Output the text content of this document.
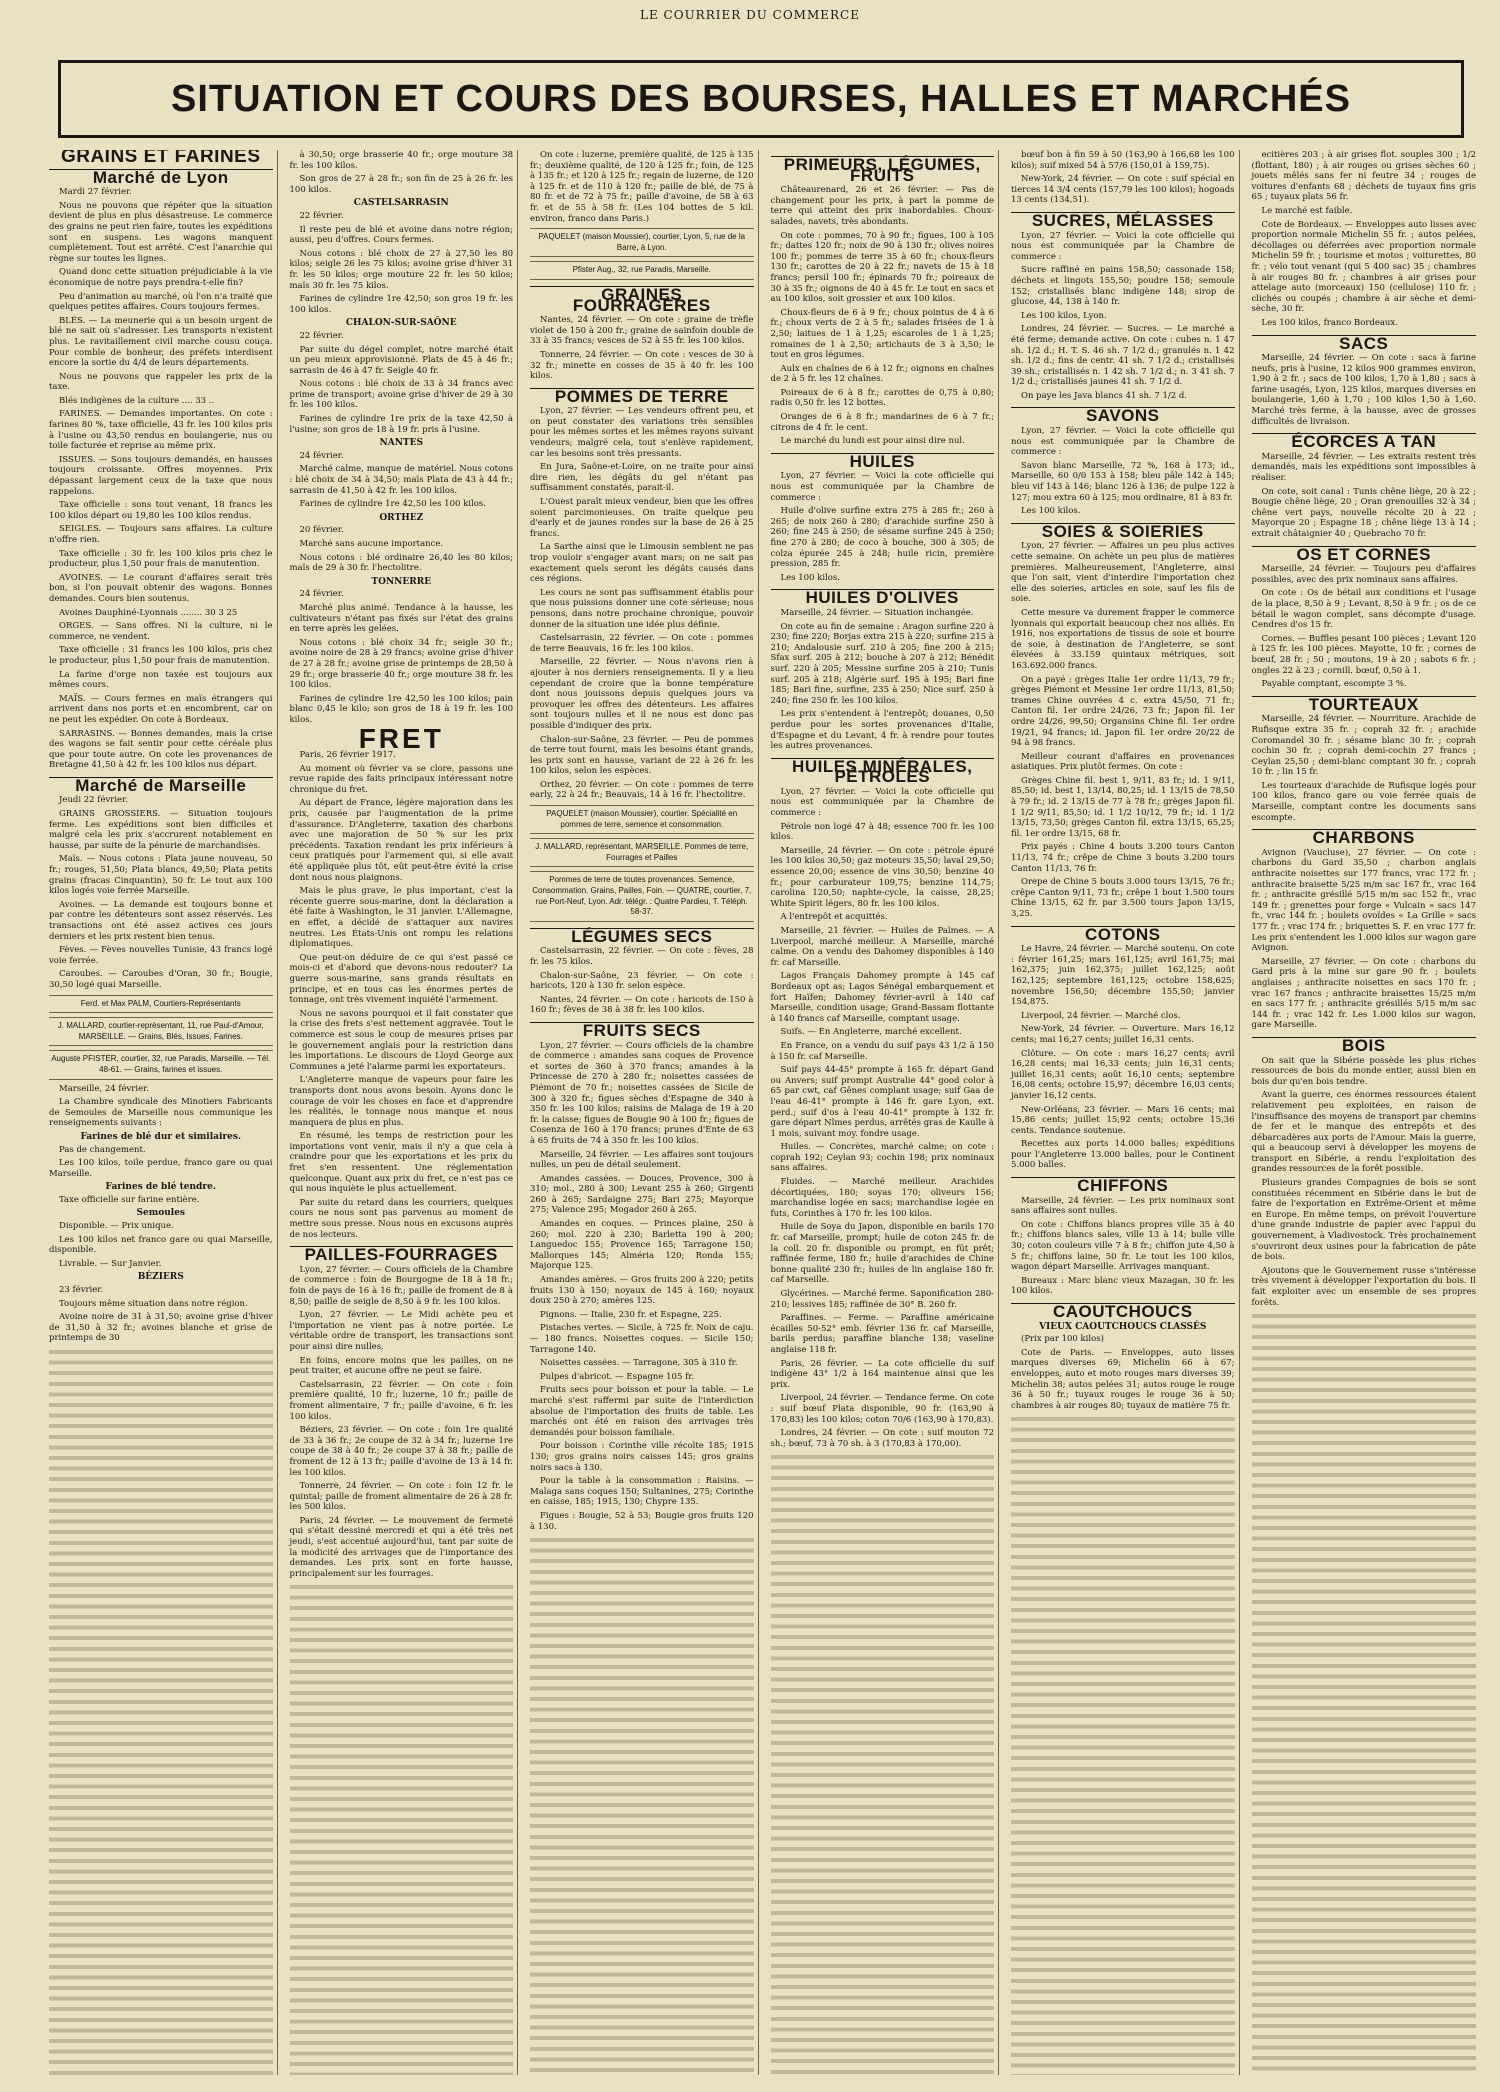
LE COURRIER DU COMMERCE
SITUATION ET COURS DES BOURSES, HALLES ET MARCHÉS
GRAINS ET FARINES
Marché de Lyon

Mardi 27 février.

Nous ne pouvons que répéter que la situation devient de plus en plus désastreuse. Le commerce des grains ne peut rien faire, toutes les expéditions sont en suspens. Les wagons manquent complètement. Tout est arrêté. C'est l'anarchie qui règne sur toutes les lignes.

Quand donc cette situation préjudiciable à la vie économique de notre pays prendra-t-elle fin?

Peu d'animation au marché, où l'on n'a traité que quelques petites affaires. Cours toujours fermes.

BLÉS. — La meunerie qui a un besoin urgent de blé ne sait où s'adresser. Les transports n'existent plus. Le ravitaillement civil marche cousu couça. Pour comble de bonheur, des préfets interdisent encore la sortie du 4/4 de leurs départements.

Nous ne pouvons que rappeler les prix de la taxe.

Blés indigènes de la culture .... 33 ..

FARINES. — Demandes importantes. On cote : farines 80 %, taxe officielle, 43 fr. les 100 kilos pris à l'usine ou 43,50 rendus en boulangerie, nus ou toile facturée et reprise au même prix.

ISSUES. — Sons toujours demandés, en hausses toujours croissante. Offres moyennes. Prix dépassant largement ceux de la taxe que nous rappelons.

Taxe officielle : sons tout venant, 18 francs les 100 kilos départ ou 19,80 les 100 kilos rendus.

SEIGLES. — Toujours sans affaires. La culture n'offre rien.

Taxe officielle : 30 fr. les 100 kilos pris chez le producteur, plus 1,50 pour frais de manutention.

AVOINES. — Le courant d'affaires serait très bon, si l'on pouvait obtenir des wagons. Bonnes demandes. Cours bien soutenus.

Avoines Dauphiné-Lyonnais ........ 30 3 25

ORGES. — Sans offres. Ni la culture, ni le commerce, ne vendent.

Taxe officielle : 31 francs les 100 kilos, pris chez le producteur, plus 1,50 pour frais de manutention.

La farine d'orge non taxée est toujours aux mêmes cours.

MAÏS. — Cours fermes en maïs étrangers qui arrivent dans nos ports et en encombrent, car on ne peut les expédier. On cote à Bordeaux.

SARRASINS. — Bonnes demandes, mais la crise des wagons se fait sentir pour cette céréale plus que pour toute autre. On cote les provenances de Bretagne 41,50 à 42 fr. les 100 kilos nus départ.

Marché de Marseille

Jeudi 22 février.

GRAINS GROSSIERS. — Situation toujours ferme. Les expéditions sont bien difficiles et malgré cela les prix s'accrurent notablement en hausse, par suite de la pénurie de marchandises.

Maïs. — Nous cotons : Plata jaune nouveau, 50 fr.; rouges, 51,50; Plata blancs, 49,50; Plata petits grains (fracas Cinquantin), 50 fr. Le tout aux 100 kilos logés voie ferrée Marseille.

Avoines. — La demande est toujours bonne et par contre les détenteurs sont assez réservés. Les transactions ont été assez actives ces jours derniers et les prix restent bien tenus.

Fèves. — Fèves nouvelles Tunisie, 43 francs logé voie ferrée.

Caroubes. — Caroubes d'Oran, 30 fr.; Bougie, 30,50 logé quai Marseille.

Ferd. et Max PALM, Courtiers-Représentants
J. MALLARD, courtier-représentant, 11, rue Paul-d'Amour, MARSEILLE. — Grains, Blés, Issues, Farines.
Auguste PFISTER, courtier, 32, rue Paradis, Marseille. — Tél. 48-61. — Grains, farines et issues.

Marseille, 24 février.

La Chambre syndicale des Minotiers Fabricants de Semoules de Marseille nous communique les renseignements suivants :

Farines de blé dur et similaires.

Pas de changement.

Les 100 kilos, toile perdue, franco gare ou quai Marseille.

Farines de blé tendre.

Taxe officielle sur farine entière.

Semoules

Disponible. — Prix unique.

Les 100 kilos net franco gare ou quai Marseille, disponible.

Livrable. — Sur Janvier.

BÉZIERS

23 février.

Toujours même situation dans notre région.

Avoine noire de 31 à 31,50; avoine grise d'hiver de 31,50 à 32 fr.; avoines blanche et grise de printemps de 30

à 30,50; orge brasserie 40 fr.; orge mouture 38 fr. les 100 kilos.

Son gros de 27 à 28 fr.; son fin de 25 à 26 fr. les 100 kilos.

CASTELSARRASIN

22 février.

Il reste peu de blé et avoine dans notre région; aussi, peu d'offres. Cours fermes.

Nous cotons : blé choix de 27 à 27,50 les 80 kilos; seigle 26 les 75 kilos; avoine grise d'hiver 31 fr. les 50 kilos; orge mouture 22 fr. les 50 kilos; maïs 30 fr. les 75 kilos.

Farines de cylindre 1re 42,50; son gros 19 fr. les 100 kilos.

CHALON-SUR-SAÔNE

22 février.

Par suite du dégel complet, notre marché était un peu mieux approvisionné. Plats de 45 à 46 fr.; sarrasin de 46 à 47 fr. Seigle 40 fr.

Nous cotons : blé choix de 33 à 34 francs avec prime de transport; avoine grise d'hiver de 29 à 30 fr. les 100 kilos.

Farines de cylindre 1re prix de la taxe 42,50 à l'usine; son gros de 18 à 19 fr. pris à l'usine.

NANTES

24 février.

Marché calme, manque de matériel. Nous cotons : blé choix de 34 à 34,50; maïs Plata de 43 à 44 fr.; sarrasin de 41,50 à 42 fr. les 100 kilos.

Farines de cylindre 1re 42,50 les 100 kilos.

ORTHEZ

20 février.

Marché sans aucune importance.

Nous cotons : blé ordinaire 26,40 les 80 kilos; maïs de 29 à 30 fr. l'hectolitre.

TONNERRE

24 février.

Marché plus animé. Tendance à la hausse, les cultivateurs n'étant pas fixés sur l'état des grains en terre après les gelées.

Nous cotons : blé choix 34 fr.; seigle 30 fr.; avoine noire de 28 à 29 francs; avoine grise d'hiver de 27 à 28 fr.; avoine grise de printemps de 28,50 à 29 fr.; orge brasserie 40 fr.; orge mouture 38 fr. les 100 kilos.

Farines de cylindre 1re 42,50 les 100 kilos; pain blanc 0,45 le kilo; son gros de 18 à 19 fr. les 100 kilos.

FRET

Paris, 26 février 1917.

Au moment où février va se clore, passons une revue rapide des faits principaux intéressant notre chronique du fret.

Au départ de France, légère majoration dans les prix, causée par l'augmentation de la prime d'assurance. D'Angleterre, taxation des charbons avec une majoration de 50 % sur les prix précédents. Taxation rendant les prix inférieurs à ceux pratiqués pour l'armement qui, si elle avait été appliquée plus tôt, eût peut-être évité la crise dont nous nous plaignons.

Mais le plus grave, le plus important, c'est la récente guerre sous-marine, dont la déclaration a été faite à Washington, le 31 janvier. L'Allemagne, en effet, a décidé de s'attaquer aux navires neutres. Les États-Unis ont rompu les relations diplomatiques.

Que peut-on déduire de ce qui s'est passé ce mois-ci et d'abord que devons-nous redouter? La guerre sous-marine, sans grands résultats en principe, et en tous cas les énormes pertes de tonnage, ont très vivement inquiété l'armement.

Nous ne savons pourquoi et il fait constater que la crise des frets s'est nettement aggravée. Tout le commerce est sous le coup de mesures prises par le gouvernement anglais pour la restriction dans les importations. Le discours de Lloyd George aux Communes a jeté l'alarme parmi les exportateurs.

L'Angleterre manque de vapeurs pour faire les transports dont nous avons besoin. Ayons donc le courage de voir les choses en face et d'apprendre les réalités, le tonnage nous manque et nous manquera de plus en plus.

En résumé, les temps de restriction pour les importations vont venir, mais il n'y a que cela à craindre pour que les exportations et les prix du fret s'en ressentent. Une réglementation quelconque. Quant aux prix du fret, ce n'est pas ce qui nous inquiète le plus actuellement.

Par suite du retard dans les courriers, quelques cours ne nous sont pas parvenus au moment de mettre sous presse. Nous nous en excusons auprès de nos lecteurs.

PAILLES-FOURRAGES

Lyon, 27 février. — Cours officiels de la Chambre de commerce : foin de Bourgogne de 18 à 18 fr.; foin de pays de 16 à 16 fr.; paille de froment de 8 à 8,50; paille de seigle de 8,50 à 9 fr. les 100 kilos.

Lyon, 27 février. — Le Midi achète peu et l'importation ne vient pas à notre portée. Le véritable ordre de transport, les transactions sont pour ainsi dire nulles.

En foins, encore moins que les pailles, on ne peut traiter, et aucune offre ne peut se faire.

Castelsarrasin, 22 février. — On cote : foin première qualité, 10 fr.; luzerne, 10 fr.; paille de froment alimentaire, 7 fr.; paille d'avoine, 6 fr. les 100 kilos.

Béziers, 23 février. — On cote : foin 1re qualité de 33 à 36 fr.; 2e coupe de 32 à 34 fr.; luzerne 1re coupe de 38 à 40 fr.; 2e coupe 37 à 38 fr.; paille de froment de 12 à 13 fr.; paille d'avoine de 13 à 14 fr. les 100 kilos.

Tonnerre, 24 février. — On cote : foin 12 fr. le quintal; paille de froment alimentaire de 26 à 28 fr. les 500 kilos.

Paris, 24 février. — Le mouvement de fermeté qui s'était dessiné mercredi et qui a été très net jeudi, s'est accentué aujourd'hui, tant par suite de la modicité des arrivages que de l'importance des demandes. Les prix sont en forte hausse, principalement sur les fourrages.

On cote : luzerne, première qualité, de 125 à 135 fr.; deuxième qualité, de 120 à 125 fr.; foin, de 125 à 135 fr.; et 120 à 125 fr.; regain de luzerne, de 120 à 125 fr. et de 110 à 120 fr.; paille de blé, de 75 à 80 fr. et de 72 à 75 fr.; paille d'avoine, de 58 à 63 fr. et de 55 à 58 fr. (Les 104 bottes de 5 kil. environ, franco dans Paris.)

PAQUELET (maison Moussier), courtier, Lyon, 5, rue de la Barre, à Lyon.
Pfister Aug., 32, rue Paradis, Marseille.
GRAINES FOURRAGÈRES

Nantes, 24 février. — On cote : graine de trèfle violet de 150 à 200 fr.; graine de sainfoin double de 33 à 35 francs; vesces de 52 à 55 fr. les 100 kilos.

Tonnerre, 24 février. — On cote : vesces de 30 à 32 fr.; minette en cosses de 35 à 40 fr. les 100 kilos.

POMMES DE TERRE

Lyon, 27 février. — Les vendeurs offrent peu, et on peut constater des variations très sensibles pour les mêmes sortes et les mêmes rayons suivant vendeurs; malgré cela, tout s'enlève rapidement, car les besoins sont très pressants.

En Jura, Saône-et-Loire, on ne traite pour ainsi dire rien, les dégâts du gel n'étant pas suffisamment constatés, parait-il.

L'Ouest paraît mieux vendeur, bien que les offres soient parcimonieuses. On traite quelque peu d'early et de jaunes rondes sur la base de 26 à 25 francs.

La Sarthe ainsi que le Limousin semblent ne pas trop vouloir s'engager avant mars; on ne sait pas exactement quels seront les dégâts causés dans ces régions.

Les cours ne sont pas suffisamment établis pour que nous puissions donner une cote sérieuse; nous pensons, dans notre prochaine chronique, pouvoir donner de la situation une idée plus définie.

Castelsarrasin, 22 février. — On cote : pommes de terre Beauvais, 16 fr. les 100 kilos.

Marseille, 22 février. — Nous n'avons rien à ajouter à nos derniers renseignements. Il y a lieu cependant de croire que la bonne température dont nous jouissons depuis quelques jours va provoquer les offres des détenteurs. Les affaires sont toujours nulles et il ne nous est donc pas possible d'indiquer des prix.

Chalon-sur-Saône, 23 février. — Peu de pommes de terre tout fourni, mais les besoins étant grands, les prix sont en hausse, variant de 22 à 26 fr. les 100 kilos, selon les espèces.

Orthez, 20 février. — On cote : pommes de terre early, 22 à 24 fr.; Beauvais, 14 à 16 fr. l'hectolitre.

PAQUELET (maison Moussier), courtier. Spécialité en pommes de terre, semence et consommation.
J. MALLARD, représentant, MARSEILLE. Pommes de terre, Fourrages et Pailles
Pommes de terre de toutes provenances. Semence, Consommation. Grains, Pailles, Foin. — QUATRE, courtier, 7, rue Port-Neuf, Lyon. Adr. télégr. : Quatre Pardieu, T. Téléph. 58-37.
LÉGUMES SECS

Castelsarrasin, 22 février. — On cote : fèves, 28 fr. les 75 kilos.

Chalon-sur-Saône, 23 février. — On cote : haricots, 120 à 130 fr. selon espèce.

Nantes, 24 février. — On cote : haricots de 150 à 160 fr.; fèves de 38 à 38 fr. les 100 kilos.

FRUITS SECS

Lyon, 27 février. — Cours officiels de la chambre de commerce : amandes sans coques de Provence et sortes de 360 à 370 francs; amandes à la Princesse de 270 à 280 fr.; noisettes cassées de Piémont de 70 fr.; noisettes cassées de Sicile de 300 à 320 fr.; figues sèches d'Espagne de 340 à 350 fr. les 100 kilos; raisins de Malaga de 19 à 20 fr. la caisse; figues de Bougie 90 à 100 fr.; figues de Cosenza de 160 à 170 francs; prunes d'Ente de 63 à 65 fruits de 74 à 350 fr. les 100 kilos.

Marseille, 24 février. — Les affaires sont toujours nulles, un peu de détail seulement.

Amandes cassées. — Douces, Provence, 300 à 310; mol., 280 à 300; Levant 255 à 260; Girgenti 260 à 265; Sardaigne 275; Bari 275; Mayorque 275; Valence 295; Mogador 260 à 265.

Amandes en coques. — Princes plaine, 250 à 260; mol. 220 à 230; Barletta 190 à 200; Languedoc 155; Provence 165; Tarragone 150; Mallorques 145; Alméria 120; Ronda 155; Majorque 125.

Amandes amères. — Gros fruits 200 à 220; petits fruits 130 à 150; noyaux de 145 à 160; noyaux doux 250 à 270; amères 125.

Pignons. — Italie, 230 fr. et Espagne, 225.

Pistaches vertes. — Sicile, à 725 fr. Noix de caju. — 180 francs. Noisettes coques. — Sicile 150; Tarragone 140.

Noisettes cassées. — Tarragone, 305 à 310 fr.

Pulpes d'abricot. — Espagne 105 fr.

Fruits secs pour boisson et pour la table. — Le marché s'est raffermi par suite de l'interdiction absolue de l'importation des fruits de table. Les marchés ont été en raison des arrivages très demandés pour boisson familiale.

Pour boisson : Corinthe ville récolte 185; 1915 130; gros grains noirs caisses 145; gros grains noirs sacs à 130.

Pour la table à la consommation : Raisins. — Malaga sans coques 150; Sultanines, 275; Corinthe en caisse, 185; 1915, 130; Chypre 135.

Figues : Bougie, 52 à 53; Bougie gros fruits 120 à 130.

PRIMEURS, LÉGUMES, FRUITS

Châteaurenard, 26 et 26 février. — Pas de changement pour les prix, à part la pomme de terre qui atteint des prix inabordables. Choux-salades, navets, très abondants.

On cote : pommes, 70 à 90 fr.; figues, 100 à 105 fr.; dattes 120 fr.; noix de 90 à 130 fr.; olives noires 100 fr.; pommes de terre 35 à 60 fr.; choux-fleurs 130 fr.; carottes de 20 à 22 fr.; navets de 15 à 18 francs; persil 100 fr.; épinards 70 fr.; poireaux de 30 à 35 fr.; oignons de 40 à 45 fr. Le tout en sacs et au 100 kilos, soit grossier et aux 100 kilos.

Choux-fleurs de 6 à 9 fr.; choux pointus de 4 à 6 fr.; choux verts de 2 à 5 fr.; salades frisées de 1 à 2,50; laitues de 1 à 1,25; escaroles de 1 à 1,25; romaines de 1 à 2,50; artichauts de 3 à 3,50; le tout en gros légumes.

Aulx en chaînes de 6 à 12 fr.; oignons en chaînes de 2 à 5 fr. les 12 chaînes.

Poireaux de 6 à 8 fr.; carottes de 0,75 à 0,80; radis 0,50 fr. les 12 bottes.

Oranges de 6 à 8 fr.; mandarines de 6 à 7 fr.; citrons de 4 fr. le cent.

Le marché du lundi est pour ainsi dire nul.

HUILES

Lyon, 27 février. — Voici la cote officielle qui nous est communiquée par la Chambre de commerce :

Huile d'olive surfine extra 275 à 285 fr.; 260 à 265; de noix 260 à 280; d'arachide surfine 250 à 260; fine 245 à 250; de sésame surfine 245 à 250; fine 270 à 280; de coco à bouche, 300 à 305; de colza épurée 245 à 248; huile ricin, première pression, 285 fr.

Les 100 kilos.

HUILES D'OLIVES

Marseille, 24 février. — Situation inchangée.

On cote au fin de semaine : Aragon surfine 220 à 230; fine 220; Borjas extra 215 à 220; surfine 215 à 210; Andalousie surf. 210 à 205; fine 200 à 215; Sfax surf. 205 à 212; bouche à 207 à 212; Bénédit surf. 220 à 205; Messine surfine 205 à 210; Tunis surf. 205 à 218; Algérie surf. 195 à 195; Bari fine 185; Bari fine, surfine, 235 à 250; Nice surf. 250 à 240; fine 250 fr. les 100 kilos.

Les prix s'entendent à l'entrepôt; douanes, 0,50 perdue pour les sortes provenances d'Italie, d'Espagne et du Levant, 4 fr. à rendre pour toutes les autres provenances.

HUILES MINÉRALES, PÉTROLES

Lyon, 27 février. — Voici la cote officielle qui nous est communiquée par la Chambre de commerce :

Pétrole non logé 47 à 48; essence 700 fr. les 100 kilos.

Marseille, 24 février. — On cote : pétrole épuré les 100 kilos 30,50; gaz moteurs 35,50; laval 29,50; essence 20,00; essence de vins 30,50; benzine 40 fr.; pour carburateur 109,75; benzine 114,75; carolina 120,50; naphte-cycle, la caisse, 28,25; White Spirit légers, 80 fr. les 100 kilos.

A l'entrepôt et acquittés.

Marseille, 21 février. — Huiles de Palmes. — A Liverpool, marché meilleur. A Marseille, marché calme. On a vendu des Dahomey disponibles à 140 fr. caf Marseille.

Lagos Français Dahomey prompte à 145 caf Bordeaux opt as; Lagos Sénégal embarquement et fort Haïfen; Dahomey février-avril à 140 caf Marseille, condition usage; Grand-Bassam flottante à 140 francs caf Marseille, comptant usage.

Suifs. — En Angleterre, marché excellent.

En France, on a vendu du suif pays 43 1/2 à 150 à 150 fr. caf Marseille.

Suif pays 44-45° prompte à 165 fr. départ Gand ou Anvers; suif prompt Australie 44° good color à 65 par cwt, caf Gênes complant usage; suif Gaa de l'eau 46-41° prompte à 146 fr. gare Lyon, ext. perd.; suif d'os à l'eau 40-41° prompte à 132 fr. gare départ Nîmes perdus, arrêtés gras de Kaulle à 1 mois, suivant moy. fondre usage.

Huiles. — Concrètes, marché calme; on cote : coprah 192; Ceylan 93; cochin 198; prix nominaux sans affaires.

Fluides. — Marché meilleur. Arachides décortiquées, 180; soyas 170; oliveurs 156; marchandise logée en sacs; marchandise logée en futs, Corinthes à 170 fr. les 100 kilos.

Huile de Soya du Japon, disponible en barils 170 fr. caf Marseille, prompt; huile de coton 245 fr. de la coll. 20 fr. disponible ou prompt, en fût prêt; raffinée ferme, 180 fr.; huile d'arachides de Chine bonne qualité 230 fr.; huiles de lin anglaise 180 fr. caf Marseille.

Glycérines. — Marché ferme. Saponification 280-210; lessives 185; raffinée de 30° B. 260 fr.

Paraffines. — Ferme. — Paraffine américaine écailles 50-52° emb. février 136 fr. caf Marseille, barils perdus; paraffine blanche 138; vaseline anglaise 118 fr.

Paris, 26 février. — La cote officielle du suif indigène 43° 1/2 à 164 maintenue ainsi que les prix.

Liverpool, 24 février. — Tendance ferme. On cote : suif bœuf Plata disponible, 90 fr. (163,90 à 170,83) les 100 kilos; coton 70/6 (163,90 à 170,83).

Londres, 24 février. — On cote : suif mouton 72 sh.; bœuf, 73 à 70 sh. à 3 (170,83 à 170,00).

bœuf bon à fin 59 à 50 (163,90 à 166,68 les 100 kilos); suif mixed 54 à 57/6 (150,01 à 159,75).

New-York, 24 février. — On cote : suif spécial en tierces 14 3/4 cents (157,79 les 100 kilos); hogoads 13 cents (134,51).

SUCRES, MÉLASSES

Lyon, 27 février. — Voici la cote officielle qui nous est communiquée par la Chambre de commerce :

Sucre raffiné en pains 158,50; cassonade 158; déchets et lingots 155,50; poudre 158; semoule 152; cristallisés blanc indigène 148; sirop de glucose, 44, 138 à 140 fr.

Les 100 kilos, Lyon.

Londres, 24 février. — Sucres. — Le marché a été ferme; demande active. On cote : cubes n. 1 47 sh. 1/2 d.; H. T. S. 46 sh. 7 1/2 d.; granulés n. 1 42 sh. 1/2 d.; fins de centr. 41 sh. 7 1/2 d.; cristallisés 39 sh.; cristallisés n. 1 42 sh. 7 1/2 d.; n. 3 41 sh. 7 1/2 d.; cristallisés jaunes 41 sh. 7 1/2 d.

On paye les Java blancs 41 sh. 7 1/2 d.

SAVONS

Lyon, 27 février. — Voici la cote officielle qui nous est communiquée par la Chambre de commerce :

Savon blanc Marseille, 72 %, 168 à 173; id., Marseille, 60 0/0 153 à 158; bleu pâle 142 à 145; bleu vif 143 à 146; blanc 126 à 136; de pulpe 122 à 127; mou extra 60 à 125; mou ordinaire, 81 à 83 fr.

Les 100 kilos.

SOIES & SOIERIES

Lyon, 27 février. — Affaires un peu plus actives cette semaine. On achète un peu plus de matières premières. Malheureusement, l'Angleterre, ainsi que l'on sait, vient d'interdire l'importation chez elle des soieries, articles en soie, sauf les fils de soie.

Cette mesure va durement frapper le commerce lyonnais qui exportait beaucoup chez nos alliés. En 1916, nos exportations de tissus de soie et bourre de soie, à destination de l'Angleterre, se sont élevées à 33.159 quintaux métriques, soit 163.692.000 francs.

On a payé : grèges Italie 1er ordre 11/13, 79 fr.; grèges Piémont et Messine 1er ordre 11/13, 81,50; trames Chine ouvrées 4 c. extra 45/50, 71 fr.; Canton fil. 1er ordre 24/26, 73 fr.; Japon fil. 1er ordre 24/26, 99,50; Organsins Chine fil. 1er ordre 19/21, 94 francs; id. Japon fil. 1er ordre 20/22 de 94 à 98 francs.

Meilleur courant d'affaires en provenances asiatiques. Prix plutôt fermes. On cote :

Grèges Chine fil. best 1, 9/11, 83 fr.; id. 1 9/11, 85,50; id. best 1, 13/14, 80,25; id. 1 13/15 de 78,50 à 79 fr.; id. 2 13/15 de 77 à 78 fr.; grèges Japon fil. 1 1/2 9/11, 85,50; id. 1 1/2 10/12, 79 fr.; id. 1 1/2 13/15, 73,50; grèges Canton fil. extra 13/15, 65,25; fil. 1er ordre 13/15, 68 fr.

Prix payés : Chine 4 bouts 3.200 tours Canton 11/13, 74 fr.; crêpe de Chine 3 bouts 3.200 tours Canton 11/13, 76 fr.

Orepe de Chine 5 bouts 3.000 tours 13/15, 76 fr.; crêpe Canton 9/11, 73 fr.; crêpe 1 bout 1.500 tours Chine 13/15, 62 fr. par 3.500 tours Japon 13/15, 3,25.

COTONS

Le Havre, 24 février. — Marché soutenu. On cote : février 161,25; mars 161,125; avril 161,75; mai 162,375; juin 162,375; juillet 162,125; août 162,125; septembre 161,125; octobre 158,625; novembre 156,50; décembre 155,50; janvier 154,875.

Liverpool, 24 février. — Marché clos.

New-York, 24 février. — Ouverture. Mars 16,12 cents; mai 16,27 cents; juillet 16,31 cents.

Clôture. — On cote : mars 16,27 cents; avril 16,28 cents; mai 16,33 cents; juin 16,31 cents; juillet 16,31 cents; août 16,10 cents; septembre 16,08 cents; octobre 15,97; décembre 16,03 cents; janvier 16,12 cents.

New-Orléans, 23 février. — Mars 16 cents; mai 15,86 cents; juillet 15,92 cents; octobre 15,36 cents. Tendance soutenue.

Recettes aux ports 14.000 balles; expéditions pour l'Angleterre 13.000 balles, pour le Continent 5.000 balles.

CHIFFONS

Marseille, 24 février. — Les prix nominaux sont sans affaires sont nulles.

On cote : Chiffons blancs propres ville 35 à 40 fr.; chiffons blancs sales, ville 13 à 14; bulle ville 30; coton couleurs ville 7 à 8 fr.; chiffon jute 4,50 à 5 fr.; chiffons laine, 50 fr. Le tout les 100 kilos, wagon départ Marseille. Arrivages manquant.

Bureaux : Marc blanc vieux Mazagan, 30 fr. les 100 kilos.

CAOUTCHOUCS
VIEUX CAOUTCHOUCS CLASSÉS

(Prix par 100 kilos)

Cote de Paris. — Enveloppes, auto lisses marques diverses 69; Michelin 66 à 67; enveloppes, auto et moto rouges mars diverses 39; Michelin 38; autos pelées 31; autos rouge le rouge 36 à 50 fr.; tuyaux rouges le rouge 36 à 50; chambres à air rouges 80; tuyaux de matière 75 fr.

ecitières 203 ; à air grises flot. souples 300 ; 1/2 (flottant, 180) ; à air rouges ou grises sèches 60 ; jouets mêlés sans fer ni feutre 34 ; rouges de voitures d'enfants 68 ; déchets de tuyaux fins gris 65 ; tuyaux plats 56 fr.

Le marché est faible.

Cote de Bordeaux. — Enveloppes auto lisses avec proportion normale Michelin 55 fr. ; autos pelées, décollages ou déferrées avec proportion normale Michelin 59 fr. ; tourisme et motos ; voiturettes, 80 fr. ; vélo tout venant (qui 5 400 sac) 35 ; chambres à air rouges 80 fr. ; chambres à air grises pour attelage auto (morceaux) 150 (cellulose) 110 fr. ; clichés ou coupés ; chambre à air sèche et demi-sèche, 30 fr.

Les 100 kilos, franco Bordeaux.

SACS

Marseille, 24 février. — On cote : sacs à farine neufs, pris à l'usine, 12 kilos 900 grammes environ, 1,90 à 2 fr. ; sacs de 100 kilos, 1,70 à 1,80 ; sacs à farine usagés, Lyon, 125 kilos, marques diverses en boulangerie, 1,60 à 1,70 ; 100 kilos 1,50 à 1,60. Marché très ferme, à la hausse, avec de grosses difficultés de livraison.

ÉCORCES A TAN

Marseille, 24 février. — Les extraits restent très demandés, mais les expéditions sont impossibles à réaliser.

On cote, soit canal : Tunis chêne liège, 20 à 22 ; Bougie chêne liège, 20 ; Oran grenouilles 32 à 34 ; chêne vert pays, nouvelle récolte 20 à 22 ; Mayorque 20 ; Espagne 18 ; chêne liège 13 à 14 ; extrait châtaignier 40 ; Quebracho 70 fr.

OS ET CORNES

Marseille, 24 février. — Toujours peu d'affaires possibles, avec des prix nominaux sans affaires.

On cote : Os de bétail aux conditions et l'usage de la place, 8,50 à 9 ; Levant, 8,50 à 9 fr. ; os de ce bétail le wagon complet, sans décompte d'usage. Cendres d'os 15 fr.

Cornes. — Buffles pesant 100 pièces ; Levant 120 à 125 fr. les 100 pièces. Mayotte, 10 fr. ; cornes de bœuf, 28 fr. ; 50 ; moutons, 19 à 20 ; sabots 6 fr. ; ongles 22 à 23 ; cornill. bœuf, 0,50 à 1.

Payable comptant, escompte 3 %.

TOURTEAUX

Marseille, 24 février. — Nourriture. Arachide de Rufisque extra 35 fr. ; coprah 32 fr. ; arachide Coromandel 30 fr. ; sésame blanc 30 fr. ; coprah cochin 30 fr. ; coprah demi-cochin 27 francs ; Ceylan 25,50 ; demi-blanc comptant 30 fr. ; coprah 10 fr. ; lin 15 fr.

Les tourteaux d'arachide de Rufisque logés pour 100 kilos, franco gare ou voie ferrée quais de Marseille, comptant contre les documents sans escompte.

CHARBONS

Avignon (Vaucluse), 27 février. — On cote : charbons du Gard 35,50 ; charbon anglais anthracite noisettes sur 177 francs, vrac 172 fr. ; anthracite braisette 5/25 m/m sac 167 fr., vrac 164 fr. ; anthracite grésillé 5/15 m/m sac 152 fr., vrac 149 fr. ; grenettes pour forge « Vulcain » sacs 147 fr., vrac 144 fr. ; boulets ovoïdes « La Grille » sacs 177 fr. ; vrac 174 fr. ; briquettes S. F. en vrac 177 fr. Les prix s'entendent les 1.000 kilos sur wagon gare Avignon.

Marseille, 27 février. — On cote : charbons du Gard pris à la mine sur gare 90 fr. ; boulets anglaises ; anthracite noisettes en sacs 170 fr. ; vrac 167 francs ; anthracite braisettes 15/25 m/m en sacs 177 fr. ; anthracite grésillés 5/15 m/m sac 144 fr. ; vrac 142 fr. Les 1.000 kilos sur wagon, gare Marseille.

BOIS

On sait que la Sibérie possède les plus riches ressources de bois du monde entier, aussi bien en bois dur qu'en bois tendre.

Avant la guerre, ces énormes ressources étaient relativement peu exploitées, en raison de l'insuffisance des moyens de transport par chemins de fer et le manque des entrepôts et des débarcadères aux ports de l'Amour. Mais la guerre, qui a beaucoup servi à développer les moyens de transport en Sibérie, a rendu l'exploitation des grandes ressources de la forêt possible.

Plusieurs grandes Compagnies de bois se sont constituées récemment en Sibérie dans le but de faire de l'exportation en Extrême-Orient et même en Europe. En même temps, on prévoit l'ouverture d'une grande industrie de papier avec l'appui du gouvernement, à Vladivostock. Très prochainement s'ouvriront deux usines pour la fabrication de pâte de bois.

Ajoutons que le Gouvernement russe s'intéresse très vivement à développer l'exportation du bois. Il fait exploiter avec un ensemble de ses propres forêts.
